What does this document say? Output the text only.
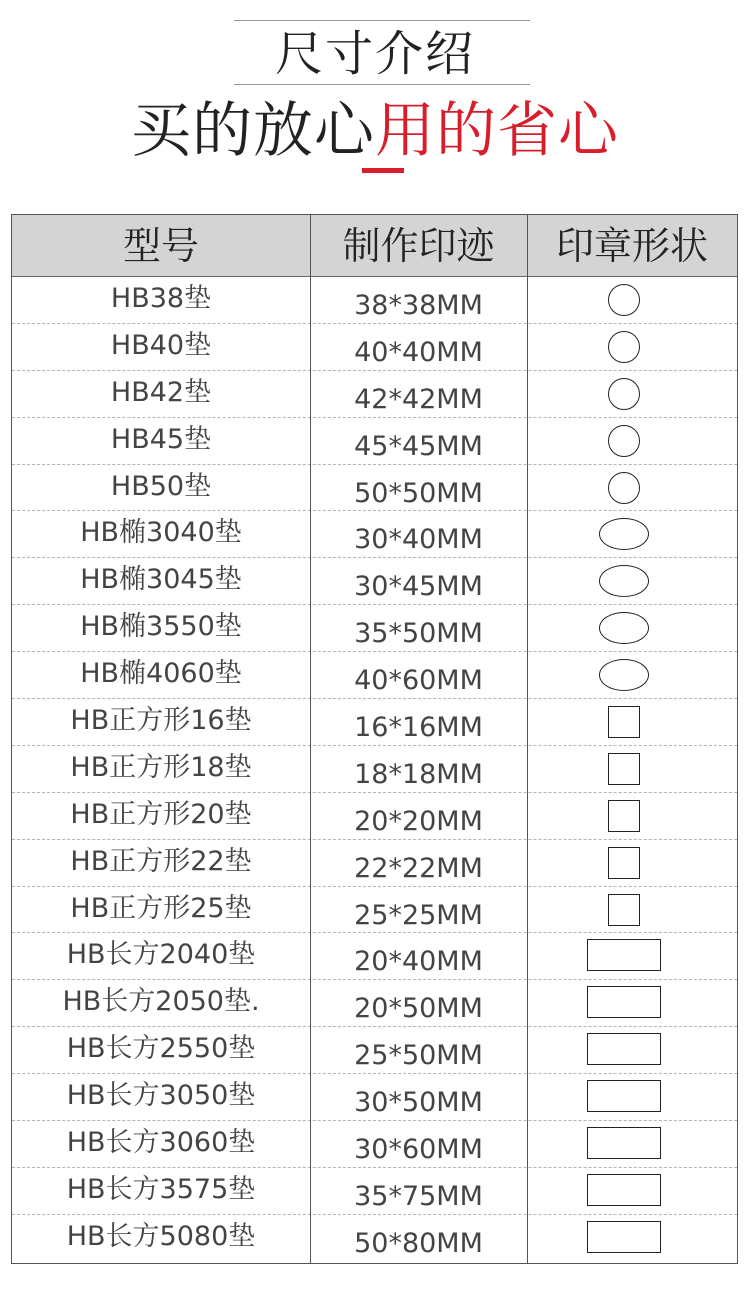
尺寸介绍
买的放心用的省心
型号	制作印迹	印章形状
HB38垫	38*38MM
HB40垫	40*40MM
HB42垫	42*42MM
HB45垫	45*45MM
HB50垫	50*50MM
HB椭3040垫	30*40MM
HB椭3045垫	30*45MM
HB椭3550垫	35*50MM
HB椭4060垫	40*60MM
HB正方形16垫	16*16MM
HB正方形18垫	18*18MM
HB正方形20垫	20*20MM
HB正方形22垫	22*22MM
HB正方形25垫	25*25MM
HB长方2040垫	20*40MM
HB长方2050垫.	20*50MM
HB长方2550垫	25*50MM
HB长方3050垫	30*50MM
HB长方3060垫	30*60MM
HB长方3575垫	35*75MM
HB长方5080垫	50*80MM
